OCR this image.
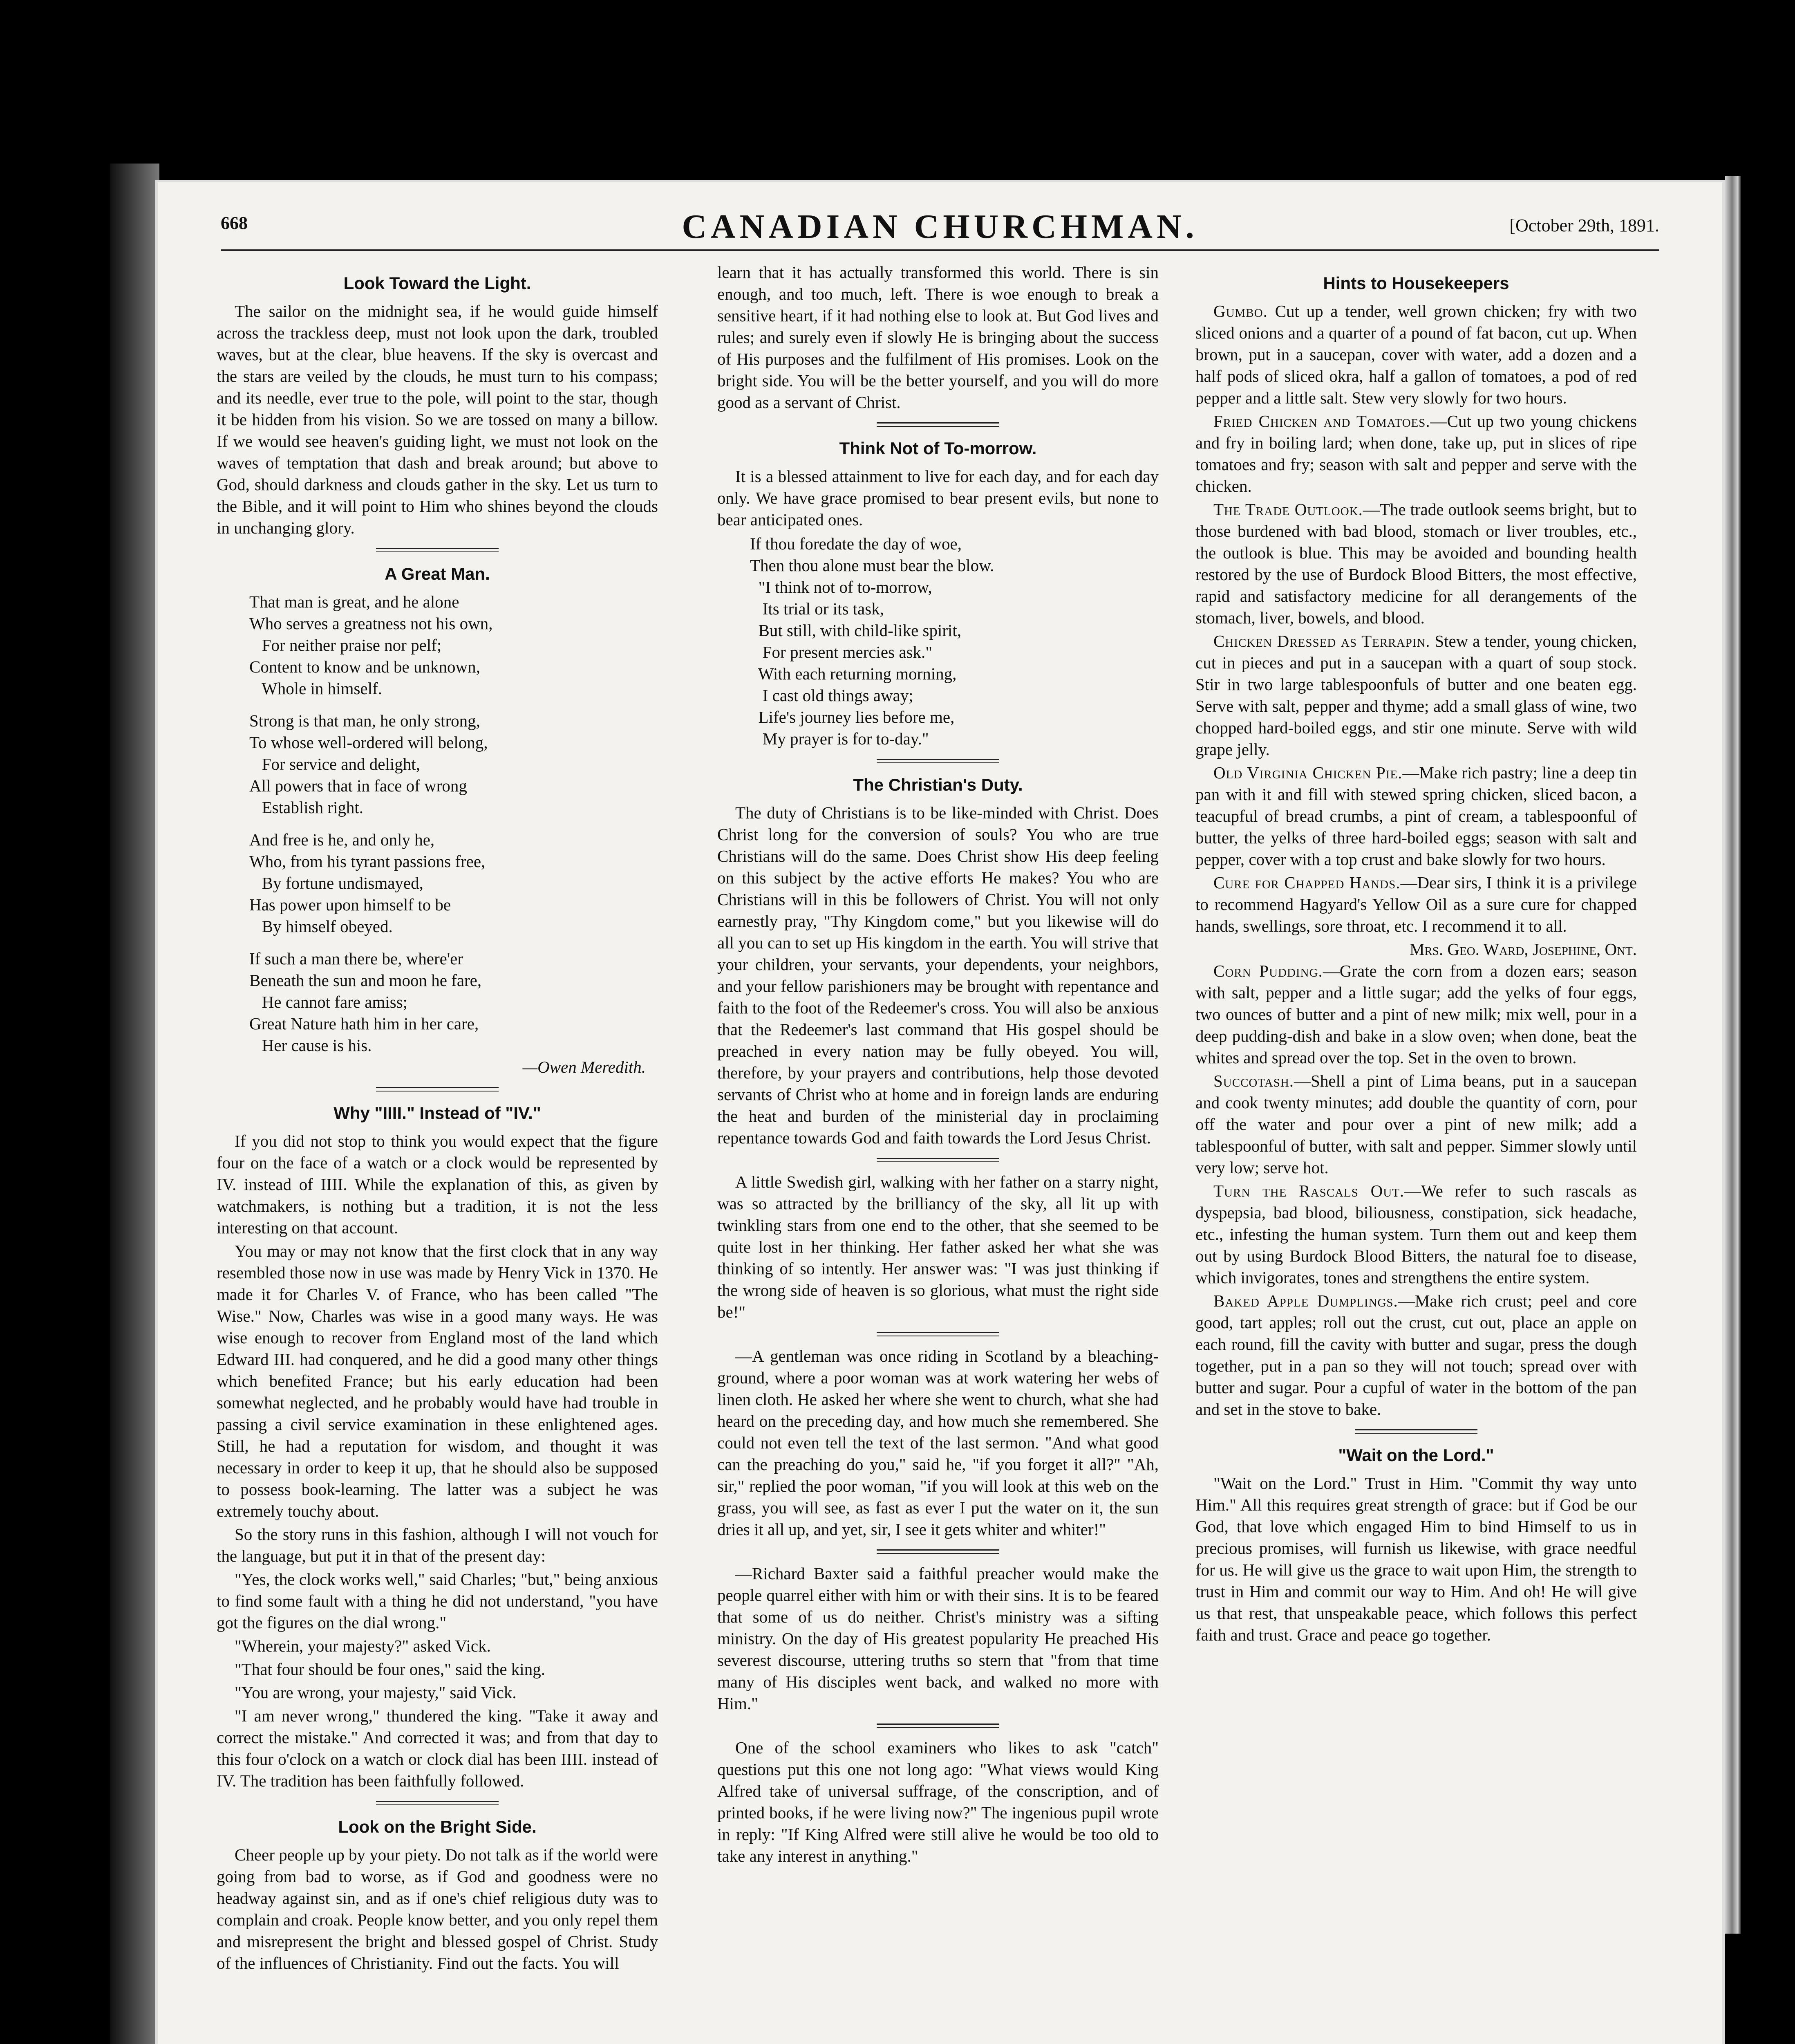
668	CANADIAN CHURCHMAN.	[October 29th, 1891.
Look Toward the Light.

The sailor on the midnight sea, if he would guide himself across the trackless deep, must not look upon the dark, troubled waves, but at the clear, blue heavens. If the sky is overcast and the stars are veiled by the clouds, he must turn to his compass; and its needle, ever true to the pole, will point to the star, though it be hidden from his vision. So we are tossed on many a billow. If we would see heaven's guiding light, we must not look on the waves of temptation that dash and break around; but above to God, should darkness and clouds gather in the sky. Let us turn to the Bible, and it will point to Him who shines beyond the clouds in unchanging glory.

A Great Man.
That man is great, and he alone
Who serves a greatness not his own,
For neither praise nor pelf;
Content to know and be unknown,
Whole in himself.
Strong is that man, he only strong,
To whose well-ordered will belong,
For service and delight,
All powers that in face of wrong
Establish right.
And free is he, and only he,
Who, from his tyrant passions free,
By fortune undismayed,
Has power upon himself to be
By himself obeyed.
If such a man there be, where'er
Beneath the sun and moon he fare,
He cannot fare amiss;
Great Nature hath him in her care,
Her cause is his.
—Owen Meredith.
Why "IIII." Instead of "IV."

If you did not stop to think you would expect that the figure four on the face of a watch or a clock would be represented by IV. instead of IIII. While the explanation of this, as given by watchmakers, is nothing but a tradition, it is not the less interesting on that account.

You may or may not know that the first clock that in any way resembled those now in use was made by Henry Vick in 1370. He made it for Charles V. of France, who has been called "The Wise." Now, Charles was wise in a good many ways. He was wise enough to recover from England most of the land which Edward III. had conquered, and he did a good many other things which benefited France; but his early education had been somewhat neglected, and he probably would have had trouble in passing a civil service examination in these enlightened ages. Still, he had a reputation for wisdom, and thought it was necessary in order to keep it up, that he should also be supposed to possess book-learning. The latter was a subject he was extremely touchy about.

So the story runs in this fashion, although I will not vouch for the language, but put it in that of the present day:

"Yes, the clock works well," said Charles; "but," being anxious to find some fault with a thing he did not understand, "you have got the figures on the dial wrong."

"Wherein, your majesty?" asked Vick.

"That four should be four ones," said the king.

"You are wrong, your majesty," said Vick.

"I am never wrong," thundered the king. "Take it away and correct the mistake." And corrected it was; and from that day to this four o'clock on a watch or clock dial has been IIII. instead of IV. The tradition has been faithfully followed.

Look on the Bright Side.

Cheer people up by your piety. Do not talk as if the world were going from bad to worse, as if God and goodness were no headway against sin, and as if one's chief religious duty was to complain and croak. People know better, and you only repel them and misrepresent the bright and blessed gospel of Christ. Study of the influences of Christianity. Find out the facts. You will

learn that it has actually transformed this world. There is sin enough, and too much, left. There is woe enough to break a sensitive heart, if it had nothing else to look at. But God lives and rules; and surely even if slowly He is bringing about the success of His purposes and the fulfilment of His promises. Look on the bright side. You will be the better yourself, and you will do more good as a servant of Christ.

Think Not of To-morrow.

It is a blessed attainment to live for each day, and for each day only. We have grace promised to bear present evils, but none to bear anticipated ones.

If thou foredate the day of woe,
Then thou alone must bear the blow.
"I think not of to-morrow,
Its trial or its task,
But still, with child-like spirit,
For present mercies ask."
With each returning morning,
I cast old things away;
Life's journey lies before me,
My prayer is for to-day."
The Christian's Duty.

The duty of Christians is to be like-minded with Christ. Does Christ long for the conversion of souls? You who are true Christians will do the same. Does Christ show His deep feeling on this subject by the active efforts He makes? You who are Christians will in this be followers of Christ. You will not only earnestly pray, "Thy Kingdom come," but you likewise will do all you can to set up His kingdom in the earth. You will strive that your children, your servants, your dependents, your neighbors, and your fellow parishioners may be brought with repentance and faith to the foot of the Redeemer's cross. You will also be anxious that the Redeemer's last command that His gospel should be preached in every nation may be fully obeyed. You will, therefore, by your prayers and contributions, help those devoted servants of Christ who at home and in foreign lands are enduring the heat and burden of the ministerial day in proclaiming repentance towards God and faith towards the Lord Jesus Christ.

A little Swedish girl, walking with her father on a starry night, was so attracted by the brilliancy of the sky, all lit up with twinkling stars from one end to the other, that she seemed to be quite lost in her thinking. Her father asked her what she was thinking of so intently. Her answer was: "I was just thinking if the wrong side of heaven is so glorious, what must the right side be!"

—A gentleman was once riding in Scotland by a bleaching-ground, where a poor woman was at work watering her webs of linen cloth. He asked her where she went to church, what she had heard on the preceding day, and how much she remembered. She could not even tell the text of the last sermon. "And what good can the preaching do you," said he, "if you forget it all?" "Ah, sir," replied the poor woman, "if you will look at this web on the grass, you will see, as fast as ever I put the water on it, the sun dries it all up, and yet, sir, I see it gets whiter and whiter!"

—Richard Baxter said a faithful preacher would make the people quarrel either with him or with their sins. It is to be feared that some of us do neither. Christ's ministry was a sifting ministry. On the day of His greatest popularity He preached His severest discourse, uttering truths so stern that "from that time many of His disciples went back, and walked no more with Him."

One of the school examiners who likes to ask "catch" questions put this one not long ago: "What views would King Alfred take of universal suffrage, of the conscription, and of printed books, if he were living now?" The ingenious pupil wrote in reply: "If King Alfred were still alive he would be too old to take any interest in anything."

Hints to Housekeepers

Gumbo. Cut up a tender, well grown chicken; fry with two sliced onions and a quarter of a pound of fat bacon, cut up. When brown, put in a saucepan, cover with water, add a dozen and a half pods of sliced okra, half a gallon of tomatoes, a pod of red pepper and a little salt. Stew very slowly for two hours.

Fried Chicken and Tomatoes.—Cut up two young chickens and fry in boiling lard; when done, take up, put in slices of ripe tomatoes and fry; season with salt and pepper and serve with the chicken.

The Trade Outlook.—The trade outlook seems bright, but to those burdened with bad blood, stomach or liver troubles, etc., the outlook is blue. This may be avoided and bounding health restored by the use of Burdock Blood Bitters, the most effective, rapid and satisfactory medicine for all derangements of the stomach, liver, bowels, and blood.

Chicken Dressed as Terrapin. Stew a tender, young chicken, cut in pieces and put in a saucepan with a quart of soup stock. Stir in two large tablespoonfuls of butter and one beaten egg. Serve with salt, pepper and thyme; add a small glass of wine, two chopped hard-boiled eggs, and stir one minute. Serve with wild grape jelly.

Old Virginia Chicken Pie.—Make rich pastry; line a deep tin pan with it and fill with stewed spring chicken, sliced bacon, a teacupful of bread crumbs, a pint of cream, a tablespoonful of butter, the yelks of three hard-boiled eggs; season with salt and pepper, cover with a top crust and bake slowly for two hours.

Cure for Chapped Hands.—Dear sirs, I think it is a privilege to recommend Hagyard's Yellow Oil as a sure cure for chapped hands, swellings, sore throat, etc. I recommend it to all.

Mrs. Geo. Ward, Josephine, Ont.

Corn Pudding.—Grate the corn from a dozen ears; season with salt, pepper and a little sugar; add the yelks of four eggs, two ounces of butter and a pint of new milk; mix well, pour in a deep pudding-dish and bake in a slow oven; when done, beat the whites and spread over the top. Set in the oven to brown.

Succotash.—Shell a pint of Lima beans, put in a saucepan and cook twenty minutes; add double the quantity of corn, pour off the water and pour over a pint of new milk; add a tablespoonful of butter, with salt and pepper. Simmer slowly until very low; serve hot.

Turn the Rascals Out.—We refer to such rascals as dyspepsia, bad blood, biliousness, constipation, sick headache, etc., infesting the human system. Turn them out and keep them out by using Burdock Blood Bitters, the natural foe to disease, which invigorates, tones and strengthens the entire system.

Baked Apple Dumplings.—Make rich crust; peel and core good, tart apples; roll out the crust, cut out, place an apple on each round, fill the cavity with butter and sugar, press the dough together, put in a pan so they will not touch; spread over with butter and sugar. Pour a cupful of water in the bottom of the pan and set in the stove to bake.

"Wait on the Lord."

"Wait on the Lord." Trust in Him. "Commit thy way unto Him." All this requires great strength of grace: but if God be our God, that love which engaged Him to bind Himself to us in precious promises, will furnish us likewise, with grace needful for us. He will give us the grace to wait upon Him, the strength to trust in Him and commit our way to Him. And oh! He will give us that rest, that unspeakable peace, which follows this perfect faith and trust. Grace and peace go together.
